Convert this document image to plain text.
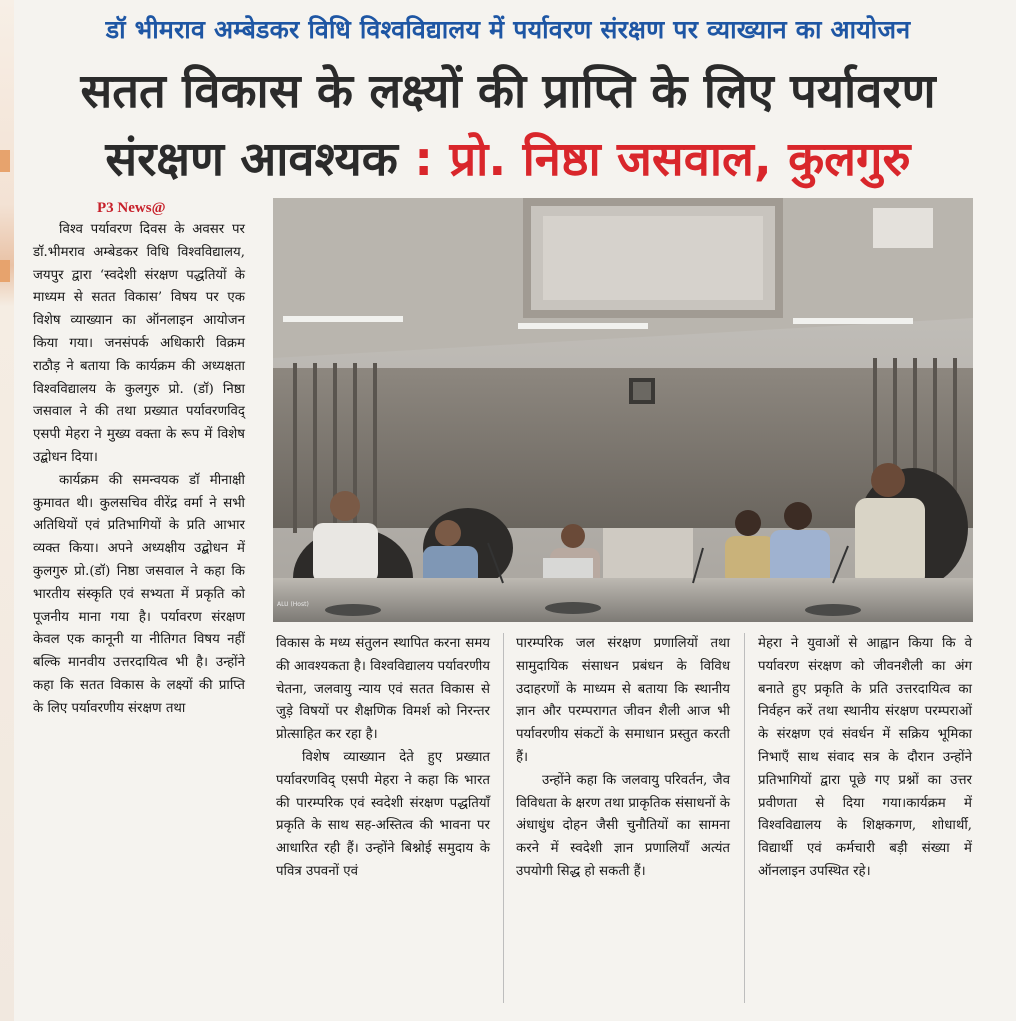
डॉ भीमराव अम्बेडकर विधि विश्वविद्यालय में पर्यावरण संरक्षण पर व्याख्यान का आयोजन
सतत विकास के लक्ष्यों की प्राप्ति के लिए पर्यावरण
संरक्षण आवश्यक : प्रो. निष्ठा जसवाल, कुलगुरु
P3 News@

विश्व पर्यावरण दिवस के अवसर पर डॉ.भीमराव अम्बेडकर विधि विश्वविद्यालय, जयपुर द्वारा ‘स्वदेशी संरक्षण पद्धतियों के माध्यम से सतत विकास’ विषय पर एक विशेष व्याख्यान का ऑनलाइन आयोजन किया गया। जनसंपर्क अधिकारी विक्रम राठौड़ ने बताया कि कार्यक्रम की अध्यक्षता विश्वविद्यालय के कुलगुरु प्रो. (डॉ) निष्ठा जसवाल ने की तथा प्रख्यात पर्यावरणविद् एसपी मेहरा ने मुख्य वक्ता के रूप में विशेष उद्बोधन दिया।

कार्यक्रम की समन्वयक डॉ मीनाक्षी कुमावत थी। कुलसचिव वीरेंद्र वर्मा ने सभी अतिथियों एवं प्रतिभागियों के प्रति आभार व्यक्त किया। अपने अध्यक्षीय उद्बोधन में कुलगुरु प्रो.(डॉ) निष्ठा जसवाल ने कहा कि भारतीय संस्कृति एवं सभ्यता में प्रकृति को पूजनीय माना गया है। पर्यावरण संरक्षण केवल एक कानूनी या नीतिगत विषय नहीं बल्कि मानवीय उत्तरदायित्व भी है। उन्होंने कहा कि सतत विकास के लक्ष्यों की प्राप्ति के लिए पर्यावरणीय संरक्षण तथा

ALU (Host)

विकास के मध्य संतुलन स्थापित करना समय की आवश्यकता है। विश्वविद्यालय पर्यावरणीय चेतना, जलवायु न्याय एवं सतत विकास से जुड़े विषयों पर शैक्षणिक विमर्श को निरन्तर प्रोत्साहित कर रहा है।

विशेष व्याख्यान देते हुए प्रख्यात पर्यावरणविद् एसपी मेहरा ने कहा कि भारत की पारम्परिक एवं स्वदेशी संरक्षण पद्धतियाँ प्रकृति के साथ सह-अस्तित्व की भावना पर आधारित रही हैं। उन्होंने बिश्नोई समुदाय के पवित्र उपवनों एवं

पारम्परिक जल संरक्षण प्रणालियों तथा सामुदायिक संसाधन प्रबंधन के विविध उदाहरणों के माध्यम से बताया कि स्थानीय ज्ञान और परम्परागत जीवन शैली आज भी पर्यावरणीय संकटों के समाधान प्रस्तुत करती हैं।

उन्होंने कहा कि जलवायु परिवर्तन, जैव विविधता के क्षरण तथा प्राकृतिक संसाधनों के अंधाधुंध दोहन जैसी चुनौतियों का सामना करने में स्वदेशी ज्ञान प्रणालियाँ अत्यंत उपयोगी सिद्ध हो सकती हैं।

मेहरा ने युवाओं से आह्वान किया कि वे पर्यावरण संरक्षण को जीवनशैली का अंग बनाते हुए प्रकृति के प्रति उत्तरदायित्व का निर्वहन करें तथा स्थानीय संरक्षण परम्पराओं के संरक्षण एवं संवर्धन में सक्रिय भूमिका निभाएँ साथ संवाद सत्र के दौरान उन्होंने प्रतिभागियों द्वारा पूछे गए प्रश्नों का उत्तर प्रवीणता से दिया गया।कार्यक्रम में विश्वविद्यालय के शिक्षकगण, शोधार्थी, विद्यार्थी एवं कर्मचारी बड़ी संख्या में ऑनलाइन उपस्थित रहे।
